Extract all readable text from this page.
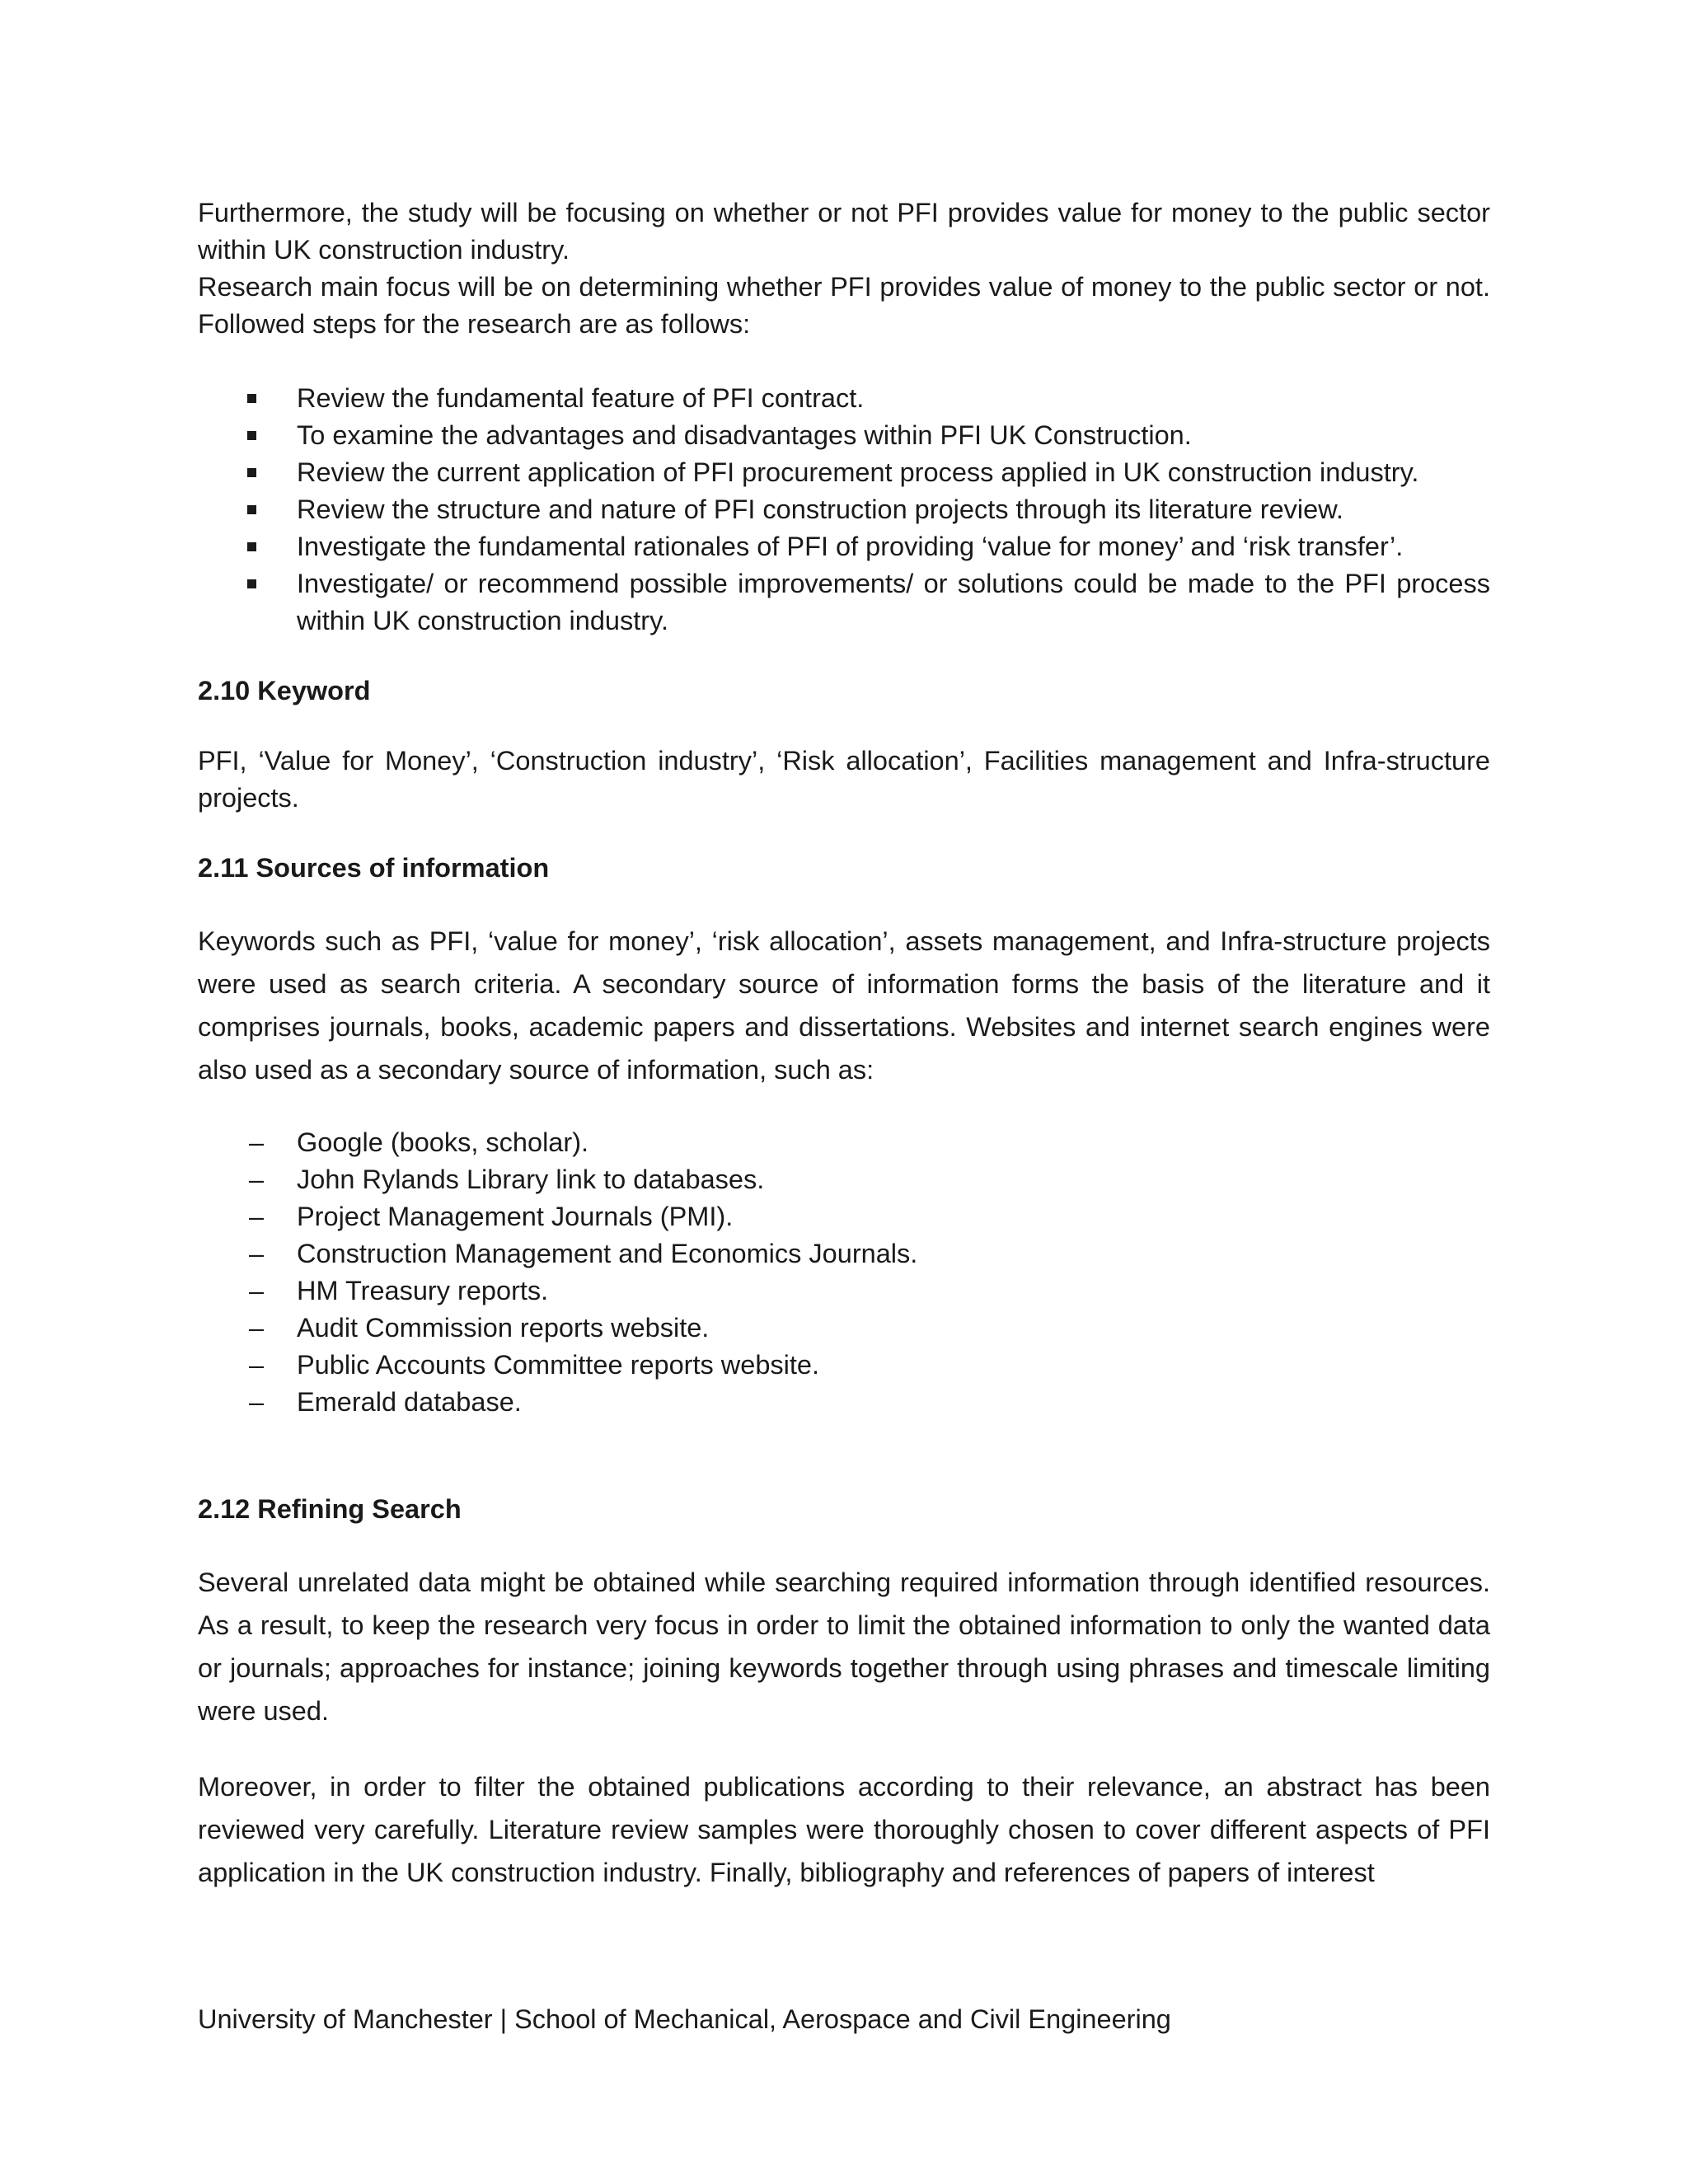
Furthermore, the study will be focusing on whether or not PFI provides value for money to the public sector within UK construction industry.

Research main focus will be on determining whether PFI provides value of money to the public sector or not. Followed steps for the research are as follows:

Review the fundamental feature of PFI contract.
To examine the advantages and disadvantages within PFI UK Construction.
Review the current application of PFI procurement process applied in UK construction industry.
Review the structure and nature of PFI construction projects through its literature review.
Investigate the fundamental rationales of PFI of providing ‘value for money’ and ‘risk transfer’.
Investigate/ or recommend possible improvements/ or solutions could be made to the PFI process within UK construction industry.
2.10 Keyword

PFI, ‘Value for Money’, ‘Construction industry’, ‘Risk allocation’, Facilities management and Infra-structure projects.

2.11 Sources of information

Keywords such as PFI, ‘value for money’, ‘risk allocation’, assets management, and Infra-structure projects were used as search criteria. A secondary source of information forms the basis of the literature and it comprises journals, books, academic papers and dissertations. Websites and internet search engines were also used as a secondary source of information, such as:

–	Google (books, scholar).
–	John Rylands Library link to databases.
–	Project Management Journals (PMI).
–	Construction Management and Economics Journals.
–	HM Treasury reports.
–	Audit Commission reports website.
–	Public Accounts Committee reports website.
–	Emerald database.
2.12 Refining Search

Several unrelated data might be obtained while searching required information through identified resources. As a result, to keep the research very focus in order to limit the obtained information to only the wanted data or journals; approaches for instance; joining keywords together through using phrases and timescale limiting were used.

Moreover, in order to filter the obtained publications according to their relevance, an abstract has been reviewed very carefully. Literature review samples were thoroughly chosen to cover different aspects of PFI application in the UK construction industry. Finally, bibliography and references of papers of interest

University of Manchester | School of Mechanical, Aerospace and Civil Engineering
